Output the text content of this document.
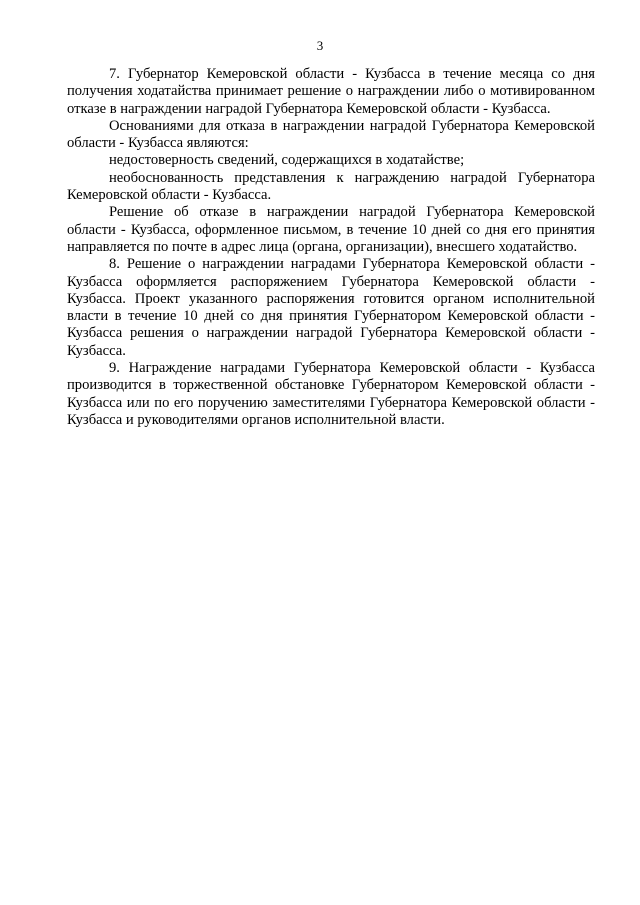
3

7. Губернатор Кемеровской области - Кузбасса в течение месяца со дня получения ходатайства принимает решение о награждении либо о мотивированном отказе в награждении наградой Губернатора Кемеровской области - Кузбасса.

Основаниями для отказа в награждении наградой Губернатора Кемеровской области - Кузбасса являются:

недостоверность сведений, содержащихся в ходатайстве;

необоснованность представления к награждению наградой Губернатора Кемеровской области - Кузбасса.

Решение об отказе в награждении наградой Губернатора Кемеровской области - Кузбасса, оформленное письмом, в течение 10 дней со дня его принятия направляется по почте в адрес лица (органа, организации), внесшего ходатайство.

8. Решение о награждении наградами Губернатора Кемеровской области - Кузбасса оформляется распоряжением Губернатора Кемеровской области - Кузбасса. Проект указанного распоряжения готовится органом исполнительной власти в течение 10 дней со дня принятия Губернатором Кемеровской области - Кузбасса решения о награждении наградой Губернатора Кемеровской области - Кузбасса.

9. Награждение наградами Губернатора Кемеровской области - Кузбасса производится в торжественной обстановке Губернатором Кемеровской области - Кузбасса или по его поручению заместителями Губернатора Кемеровской области - Кузбасса и руководителями органов исполнительной власти.
